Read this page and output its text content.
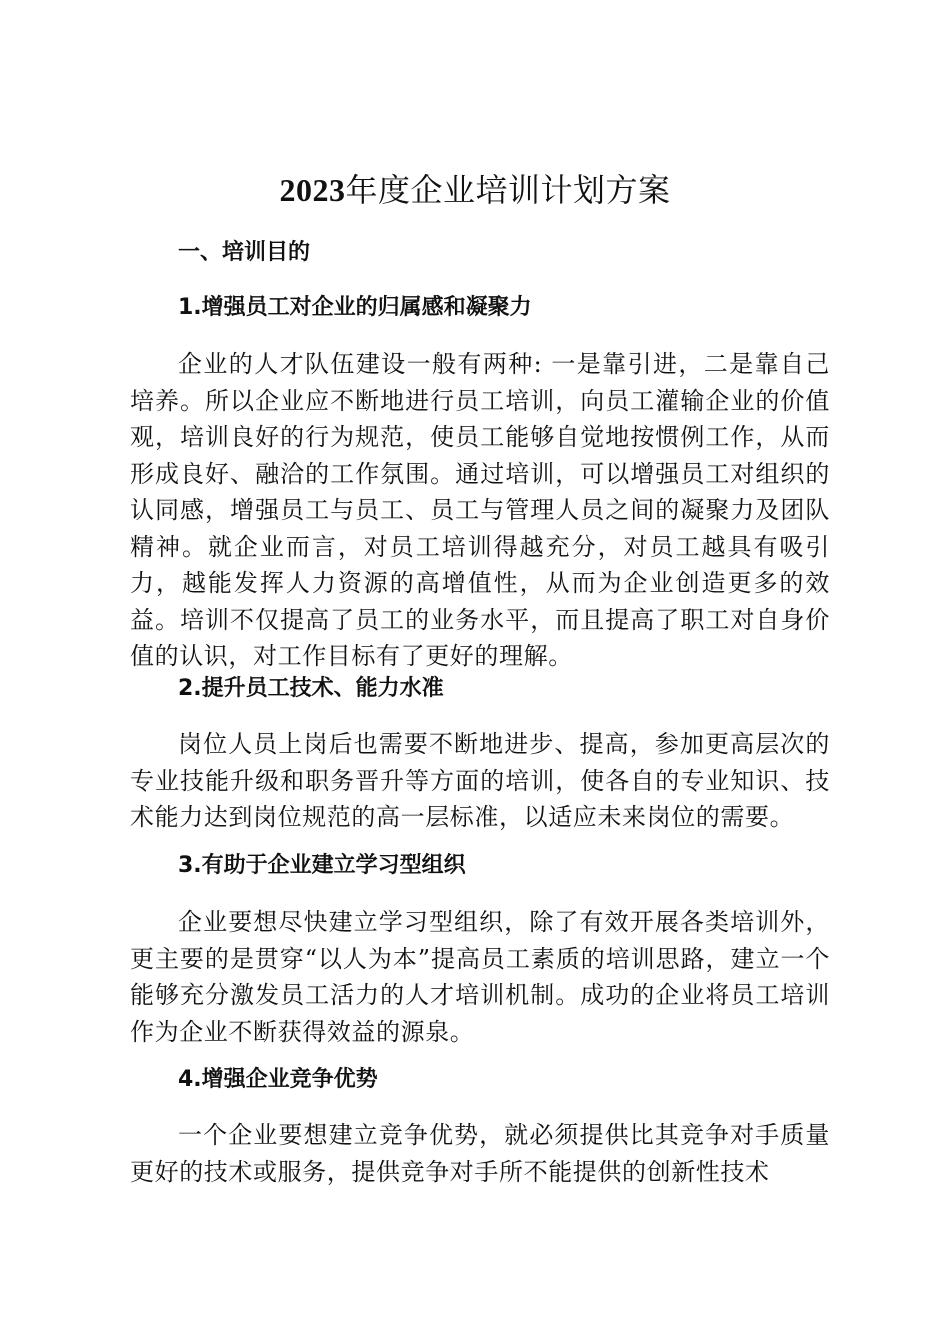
2023年度企业培训计划方案
一、培训目的
1.增强员工对企业的归属感和凝聚力
企业的人才队伍建设一般有两种: 一是靠引进，二是靠自己培养。所以企业应不断地进行员工培训，向员工灌输企业的价值观，培训良好的行为规范，使员工能够自觉地按惯例工作，从而形成良好、融洽的工作氛围。通过培训，可以增强员工对组织的认同感，增强员工与员工、员工与管理人员之间的凝聚力及团队精神。就企业而言，对员工培训得越充分，对员工越具有吸引力，越能发挥人力资源的高增值性，从而为企业创造更多的效益。培训不仅提高了员工的业务水平，而且提高了职工对自身价值的认识，对工作目标有了更好的理解。
2.提升员工技术、能力水准
岗位人员上岗后也需要不断地进步、提高，参加更高层次的专业技能升级和职务晋升等方面的培训，使各自的专业知识、技术能力达到岗位规范的高一层标准，以适应未来岗位的需要。
3.有助于企业建立学习型组织
企业要想尽快建立学习型组织，除了有效开展各类培训外，更主要的是贯穿“以人为本”提高员工素质的培训思路，建立一个能够充分激发员工活力的人才培训机制。成功的企业将员工培训作为企业不断获得效益的源泉。
4.增强企业竞争优势
一个企业要想建立竞争优势，就必须提供比其竞争对手质量更好的技术或服务，提供竞争对手所不能提供的创新性技术
